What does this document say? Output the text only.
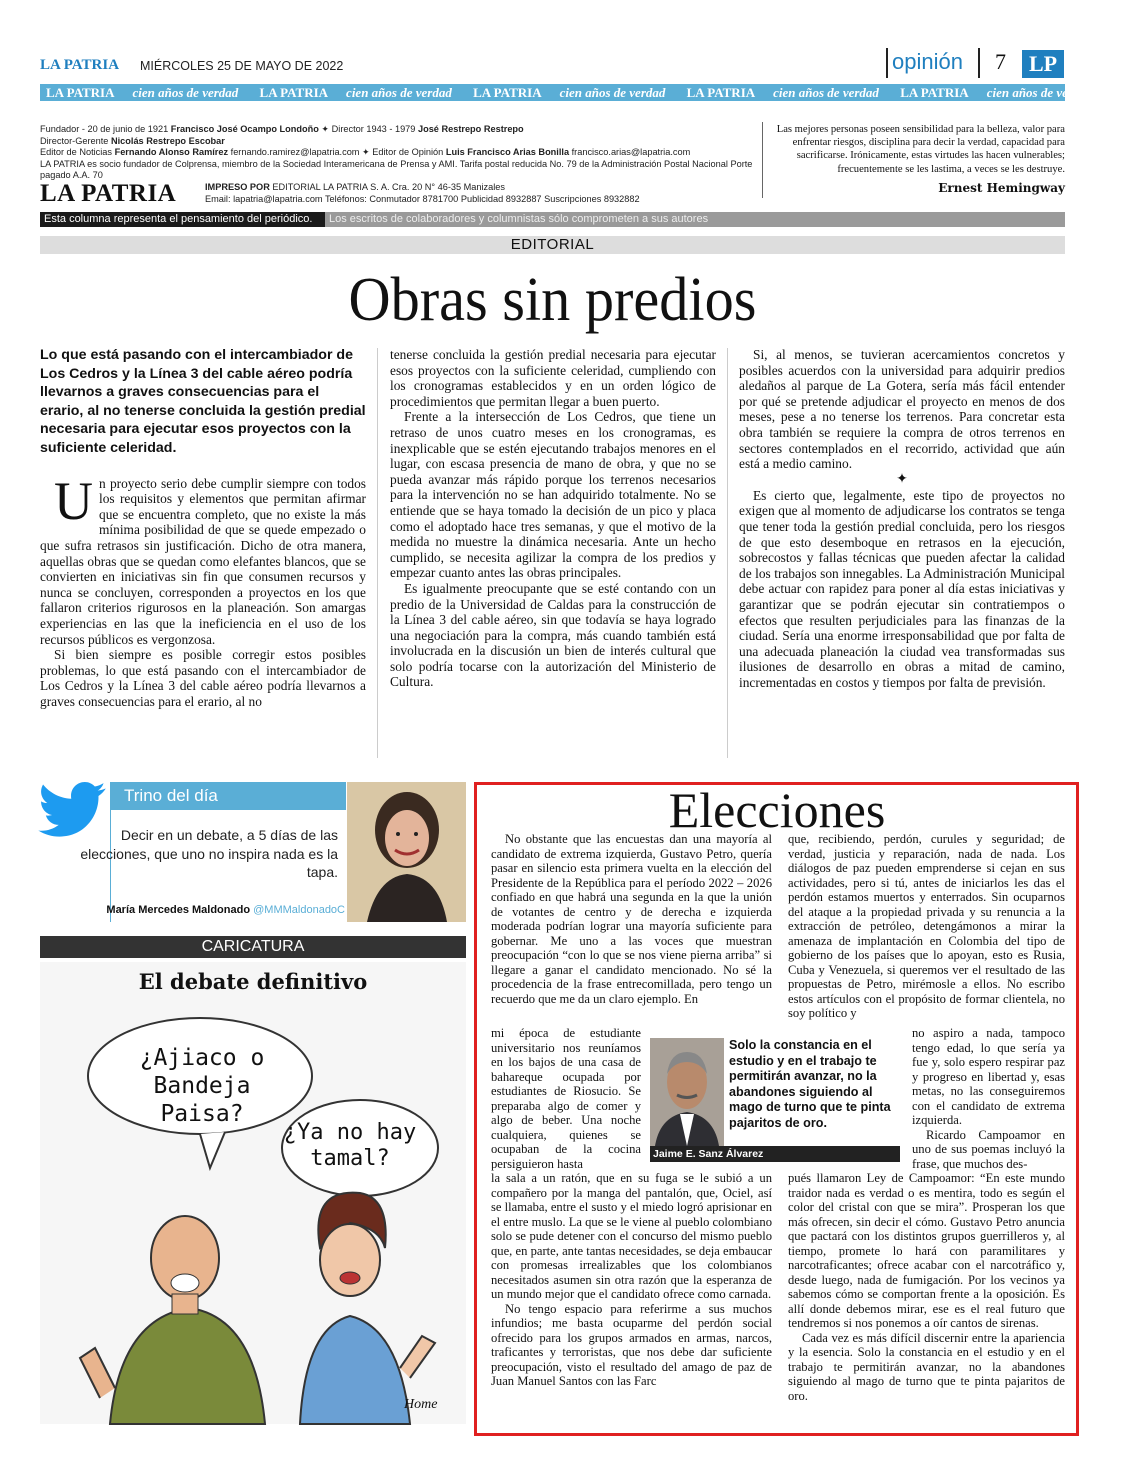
LA PATRIA MIÉRCOLES 25 DE MAYO DE 2022	opinión 7	LP
LA PATRIA cien años de verdad LA PATRIA cien años de verdad LA PATRIA cien años de verdad LA PATRIA cien años de verdad LA PATRIA cien años de verdad
Fundador - 20 de junio de 1921 Francisco José Ocampo Londoño ✦ Director 1943 - 1979 José Restrepo Restrepo
Director-Gerente Nicolás Restrepo Escobar
Editor de Noticias Fernando Alonso Ramírez fernando.ramirez@lapatria.com ✦ Editor de Opinión Luis Francisco Arias Bonilla francisco.arias@lapatria.com
LA PATRIA es socio fundador de Colprensa, miembro de la Sociedad Interamericana de Prensa y AMI. Tarifa postal reducida No. 79 de la Administración Postal Nacional Porte pagado A.A. 70
LA PATRIA	IMPRESO POR EDITORIAL LA PATRIA S. A. Cra. 20 N° 46-35 Manizales
Email: lapatria@lapatria.com Teléfonos: Conmutador 8781700 Publicidad 8932887 Suscripciones 8932882
Las mejores personas poseen sensibilidad para la belleza, valor para enfrentar riesgos, disciplina para decir la verdad, capacidad para sacrificarse. Irónicamente, estas virtudes las hacen vulnerables; frecuentemente se les lastima, a veces se les destruye.
Ernest Hemingway
Esta columna representa el pensamiento del periódico.	Los escritos de colaboradores y columnistas sólo comprometen a sus autores
EDITORIAL
Obras sin predios
Lo que está pasando con el intercambiador de Los Cedros y la Línea 3 del cable aéreo podría llevarnos a graves consecuencias para el erario, al no tenerse concluida la gestión predial necesaria para ejecutar esos proyectos con la suficiente celeridad.
U n proyecto serio debe cumplir siempre con todos los requisitos y elementos que permitan afirmar que se encuentra completo, que no existe la más mínima posibilidad de que se quede empezado o que sufra retrasos sin justificación. Dicho de otra manera, aquellas obras que se quedan como elefantes blancos, que se convierten en iniciativas sin fin que consumen recursos y nunca se concluyen, corresponden a proyectos en los que fallaron criterios rigurosos en la planeación. Son amargas experiencias en las que la ineficiencia en el uso de los recursos públicos es vergonzosa.

Si bien siempre es posible corregir estos posibles problemas, lo que está pasando con el intercambiador de Los Cedros y la Línea 3 del cable aéreo podría llevarnos a graves consecuencias para el erario, al no

tenerse concluida la gestión predial necesaria para ejecutar esos proyectos con la suficiente celeridad, cumpliendo con los cronogramas establecidos y en un orden lógico de procedimientos que permitan llegar a buen puerto.

Frente a la intersección de Los Cedros, que tiene un retraso de unos cuatro meses en los cronogramas, es inexplicable que se estén ejecutando trabajos menores en el lugar, con escasa presencia de mano de obra, y que no se pueda avanzar más rápido porque los terrenos necesarios para la intervención no se han adquirido totalmente. No se entiende que se haya tomado la decisión de un pico y placa como el adoptado hace tres semanas, y que el motivo de la medida no muestre la dinámica necesaria. Ante un hecho cumplido, se necesita agilizar la compra de los predios y empezar cuanto antes las obras principales.

Es igualmente preocupante que se esté contando con un predio de la Universidad de Caldas para la construcción de la Línea 3 del cable aéreo, sin que todavía se haya logrado una negociación para la compra, más cuando también está involucrada en la discusión un bien de interés cultural que solo podría tocarse con la autorización del Ministerio de Cultura.

Si, al menos, se tuvieran acercamientos concretos y posibles acuerdos con la universidad para adquirir predios aledaños al parque de La Gotera, sería más fácil entender por qué se pretende adjudicar el proyecto en menos de dos meses, pese a no tenerse los terrenos. Para concretar esta obra también se requiere la compra de otros terrenos en sectores contemplados en el recorrido, actividad que aún está a medio camino.

✦

Es cierto que, legalmente, este tipo de proyectos no exigen que al momento de adjudicarse los contratos se tenga que tener toda la gestión predial concluida, pero los riesgos de que esto desemboque en retrasos en la ejecución, sobrecostos y fallas técnicas que pueden afectar la calidad de los trabajos son innegables. La Administración Municipal debe actuar con rapidez para poner al día estas iniciativas y garantizar que se podrán ejecutar sin contratiempos o efectos que resulten perjudiciales para las finanzas de la ciudad. Sería una enorme irresponsabilidad que por falta de una adecuada planeación la ciudad vea transformadas sus ilusiones de desarrollo en obras a mitad de camino, incrementadas en costos y tiempos por falta de previsión.

Trino del día
Decir en un debate, a 5 días de las elecciones, que uno no inspira nada es la tapa.
María Mercedes Maldonado @MMMaldonadoC
CARICATURA
El debate definitivo
¿Ajiaco o Bandeja Paisa?
¿Ya no hay tamal?
Home
Elecciones

No obstante que las encuestas dan una mayoría al candidato de extrema izquierda, Gustavo Petro, quería pasar en silencio esta primera vuelta en la elección del Presidente de la República para el período 2022 – 2026 confiado en que habrá una segunda en la que la unión de votantes de centro y de derecha e izquierda moderada podrían lograr una mayoría suficiente para gobernar. Me uno a las voces que muestran preocupación “con lo que se nos viene pierna arriba” si llegare a ganar el candidato mencionado. No sé la procedencia de la frase entrecomillada, pero tengo un recuerdo que me da un claro ejemplo. En

mi época de estudiante universitario nos reuníamos en los bajos de una casa de bahareque ocupada por estudiantes de Riosucio. Se preparaba algo de comer y algo de beber. Una noche cualquiera, quienes se ocupaban de la cocina persiguieron hasta

la sala a un ratón, que en su fuga se le subió a un compañero por la manga del pantalón, que, Ociel, así se llamaba, entre el susto y el miedo logró aprisionar en el entre muslo. La que se le viene al pueblo colombiano solo se pude detener con el concurso del mismo pueblo que, en parte, ante tantas necesidades, se deja embaucar con promesas irrealizables que los colombianos necesitados asumen sin otra razón que la esperanza de un mundo mejor que el candidato ofrece como carnada.

No tengo espacio para referirme a sus muchos infundios; me basta ocuparme del perdón social ofrecido para los grupos armados en armas, narcos, traficantes y terroristas, que nos debe dar suficiente preocupación, visto el resultado del amago de paz de Juan Manuel Santos con las Farc

que, recibiendo, perdón, curules y seguridad; de verdad, justicia y reparación, nada de nada. Los diálogos de paz pueden emprenderse si cejan en sus actividades, pero si tú, antes de iniciarlos les das el perdón estamos muertos y enterrados. Sin ocuparnos del ataque a la propiedad privada y su renuncia a la extracción de petróleo, detengámonos a mirar la amenaza de implantación en Colombia del tipo de gobierno de los países que lo apoyan, esto es Rusia, Cuba y Venezuela, si queremos ver el resultado de las propuestas de Petro, mirémosle a ellos. No escribo estos artículos con el propósito de formar clientela, no soy político y

no aspiro a nada, tampoco tengo edad, lo que sería ya fue y, solo espero respirar paz y progreso en libertad y, esas metas, no las conseguiremos con el candidato de extrema izquierda.

Ricardo Campoamor en uno de sus poemas incluyó la frase, que muchos des-

pués llamaron Ley de Campoamor: “En este mundo traidor nada es verdad o es mentira, todo es según el color del cristal con que se mira”. Prosperan los que más ofrecen, sin decir el cómo. Gustavo Petro anuncia que pactará con los distintos grupos guerrilleros y, al tiempo, promete lo hará con paramilitares y narcotraficantes; ofrece acabar con el narcotráfico y, desde luego, nada de fumigación. Por los vecinos ya sabemos cómo se comportan frente a la oposición. Es allí donde debemos mirar, ese es el real futuro que tendremos si nos ponemos a oír cantos de sirenas.

Cada vez es más difícil discernir entre la apariencia y la esencia. Solo la constancia en el estudio y en el trabajo te permitirán avanzar, no la abandones siguiendo al mago de turno que te pinta pajaritos de oro.

Jaime E. Sanz Álvarez
Solo la constancia en el estudio y en el trabajo te permitirán avanzar, no la abandones siguiendo al mago de turno que te pinta pajaritos de oro.
